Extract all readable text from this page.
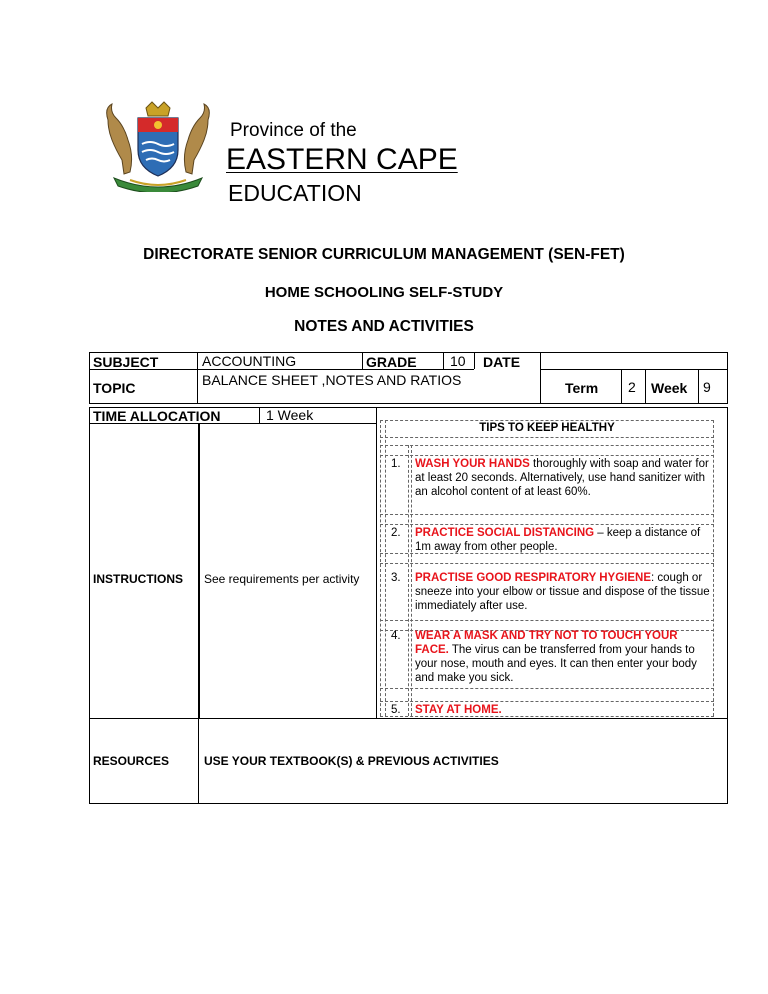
Province of the
EASTERN CAPE
EDUCATION
DIRECTORATE SENIOR CURRICULUM MANAGEMENT (SEN-FET)
HOME SCHOOLING SELF-STUDY
NOTES AND ACTIVITIES
SUBJECT	ACCOUNTING	GRADE 10 DATE
TOPIC	BALANCE SHEET ,NOTES AND RATIOS	Term 2 Week 9
TIME ALLOCATION	1 Week
INSTRUCTIONS See requirements per activity
RESOURCES	USE YOUR TEXTBOOK(S) & PREVIOUS ACTIVITIES
TIPS TO KEEP HEALTHY
1. WASH YOUR HANDS thoroughly with soap and water for at least 20 seconds. Alternatively, use hand sanitizer with an alcohol content of at least 60%.
2. PRACTICE SOCIAL DISTANCING – keep a distance of 1m away from other people.
3. PRACTISE GOOD RESPIRATORY HYGIENE: cough or sneeze into your elbow or tissue and dispose of the tissue immediately after use.
4. WEAR A MASK AND TRY NOT TO TOUCH YOUR FACE. The virus can be transferred from your hands to your nose, mouth and eyes. It can then enter your body and make you sick.
5. STAY AT HOME.
